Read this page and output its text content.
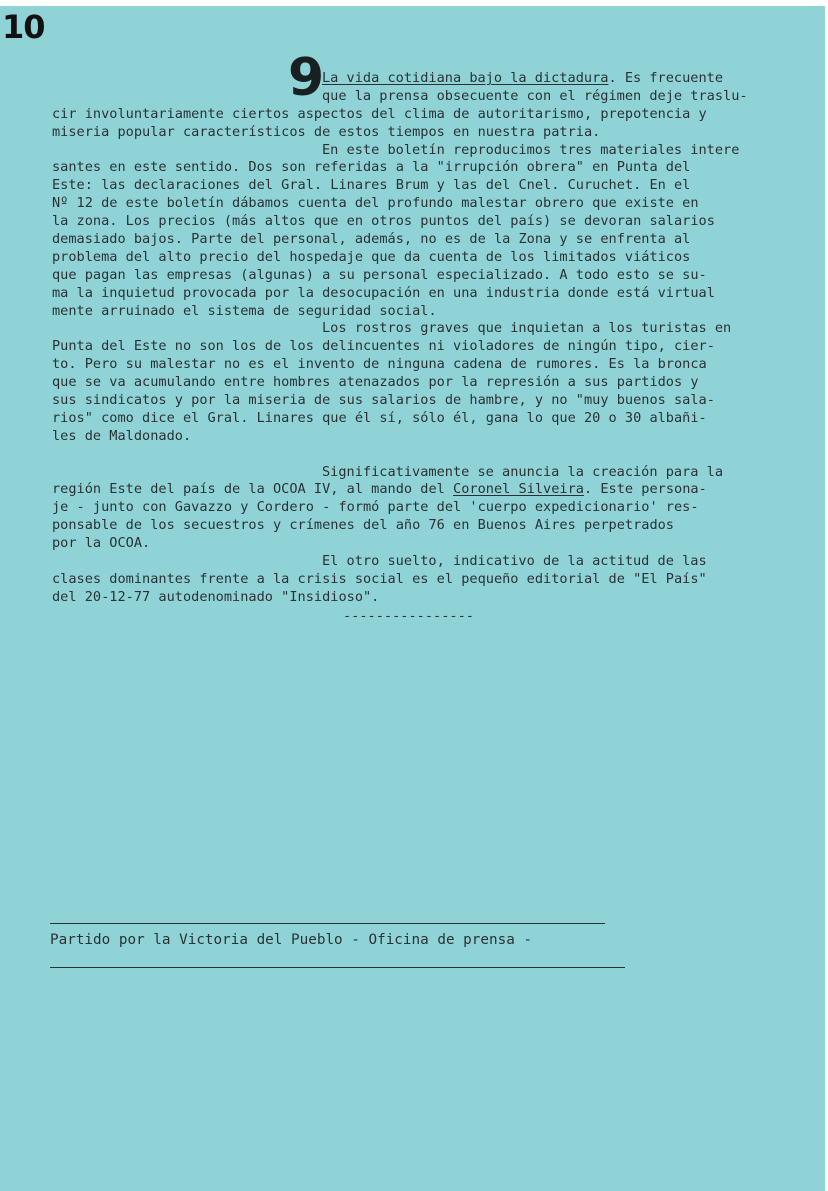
10
9
La vida cotidiana bajo la dictadura. Es frecuente
que la prensa obsecuente con el régimen deje traslu-
cir involuntariamente ciertos aspectos del clima de autoritarismo, prepotencia y
miseria popular característicos de estos tiempos en nuestra patria.
En este boletín reproducimos tres materiales intere
santes en este sentido. Dos son referidas a la "irrupción obrera" en Punta del
Este: las declaraciones del Gral. Linares Brum y las del Cnel. Curuchet. En el
Nº 12 de este boletín dábamos cuenta del profundo malestar obrero que existe en
la zona. Los precios (más altos que en otros puntos del país) se devoran salarios
demasiado bajos. Parte del personal, además, no es de la Zona y se enfrenta al
problema del alto precio del hospedaje que da cuenta de los limitados viáticos
que pagan las empresas (algunas) a su personal especializado. A todo esto se su-
ma la inquietud provocada por la desocupación en una industria donde está virtual
mente arruinado el sistema de seguridad social.
Los rostros graves que inquietan a los turistas en
Punta del Este no son los de los delincuentes ni violadores de ningún tipo, cier-
to. Pero su malestar no es el invento de ninguna cadena de rumores. Es la bronca
que se va acumulando entre hombres atenazados por la represión a sus partidos y
sus sindicatos y por la miseria de sus salarios de hambre, y no "muy buenos sala-
rios" como dice el Gral. Linares que él sí, sólo él, gana lo que 20 o 30 albañi-
les de Maldonado.
Significativamente se anuncia la creación para la
región Este del país de la OCOA IV, al mando del Coronel Silveira. Este persona-
je - junto con Gavazzo y Cordero - formó parte del 'cuerpo expedicionario' res-
ponsable de los secuestros y crímenes del año 76 en Buenos Aires perpetrados
por la OCOA.
El otro suelto, indicativo de la actitud de las
clases dominantes frente a la crisis social es el pequeño editorial de "El País"
del 20-12-77 autodenominado "Insidioso".
----------------
Partido por la Victoria del Pueblo - Oficina de prensa -
